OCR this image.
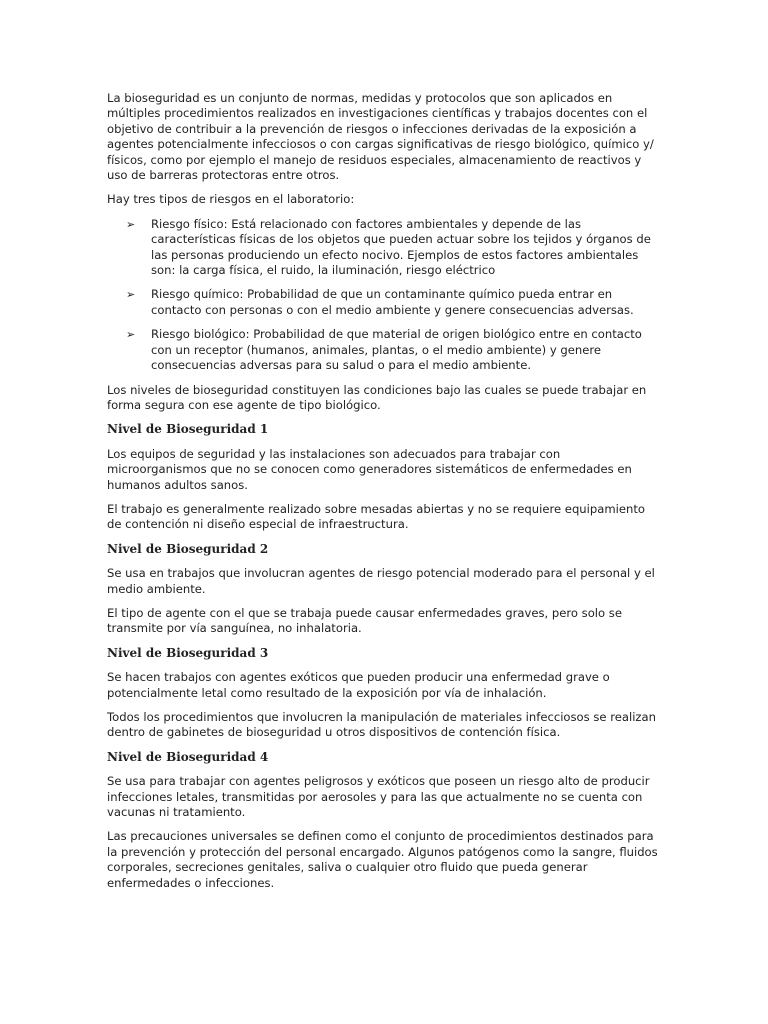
La bioseguridad es un conjunto de normas, medidas y protocolos que son aplicados en múltiples procedimientos realizados en investigaciones científicas y trabajos docentes con el objetivo de contribuir a la prevención de riesgos o infecciones derivadas de la exposición a agentes potencialmente infecciosos o con cargas significativas de riesgo biológico, químico y/ físicos, como por ejemplo el manejo de residuos especiales, almacenamiento de reactivos y uso de barreras protectoras entre otros.

Hay tres tipos de riesgos en el laboratorio:

➢ Riesgo físico: Está relacionado con factores ambientales y depende de las características físicas de los objetos que pueden actuar sobre los tejidos y órganos de las personas produciendo un efecto nocivo. Ejemplos de estos factores ambientales son: la carga física, el ruido, la iluminación, riesgo eléctrico
➢ Riesgo químico: Probabilidad de que un contaminante químico pueda entrar en contacto con personas o con el medio ambiente y genere consecuencias adversas.
➢ Riesgo biológico: Probabilidad de que material de origen biológico entre en contacto con un receptor (humanos, animales, plantas, o el medio ambiente) y genere consecuencias adversas para su salud o para el medio ambiente.

Los niveles de bioseguridad constituyen las condiciones bajo las cuales se puede trabajar en forma segura con ese agente de tipo biológico.

Nivel de Bioseguridad 1

Los equipos de seguridad y las instalaciones son adecuados para trabajar con microorganismos que no se conocen como generadores sistemáticos de enfermedades en humanos adultos sanos.

El trabajo es generalmente realizado sobre mesadas abiertas y no se requiere equipamiento de contención ni diseño especial de infraestructura.

Nivel de Bioseguridad 2

Se usa en trabajos que involucran agentes de riesgo potencial moderado para el personal y el medio ambiente.

El tipo de agente con el que se trabaja puede causar enfermedades graves, pero solo se transmite por vía sanguínea, no inhalatoria.

Nivel de Bioseguridad 3

Se hacen trabajos con agentes exóticos que pueden producir una enfermedad grave o potencialmente letal como resultado de la exposición por vía de inhalación.

Todos los procedimientos que involucren la manipulación de materiales infecciosos se realizan dentro de gabinetes de bioseguridad u otros dispositivos de contención física.

Nivel de Bioseguridad 4

Se usa para trabajar con agentes peligrosos y exóticos que poseen un riesgo alto de producir infecciones letales, transmitidas por aerosoles y para las que actualmente no se cuenta con vacunas ni tratamiento.

Las precauciones universales se definen como el conjunto de procedimientos destinados para la prevención y protección del personal encargado. Algunos patógenos como la sangre, fluidos corporales, secreciones genitales, saliva o cualquier otro fluido que pueda generar enfermedades o infecciones.
